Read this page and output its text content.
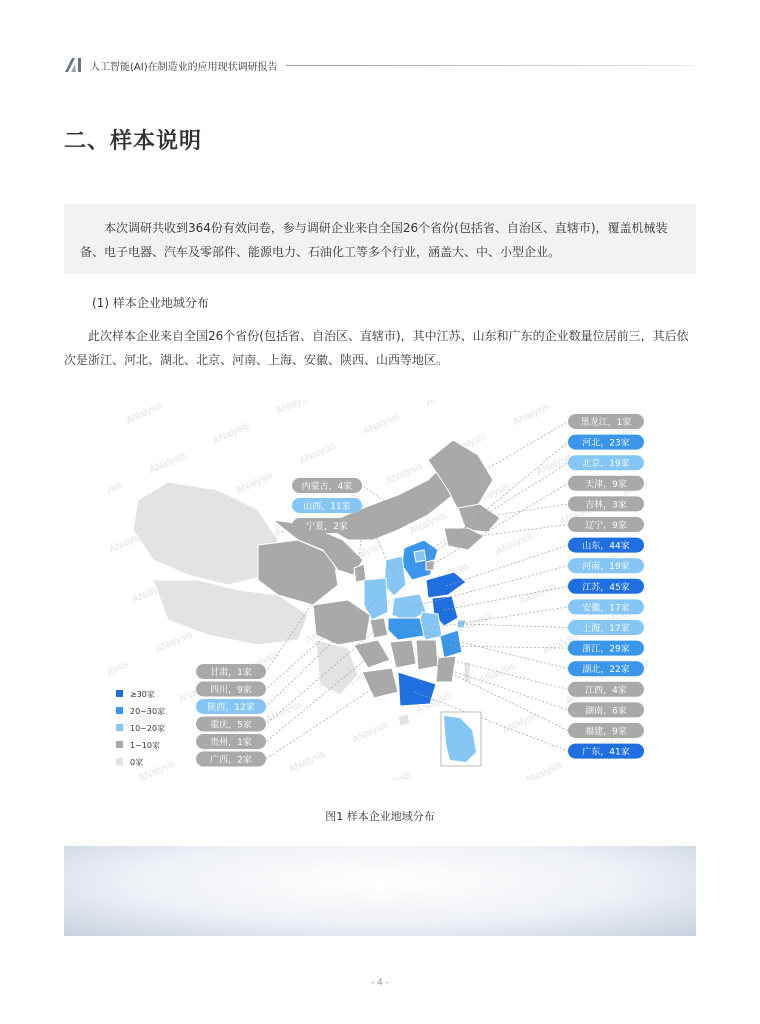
人工智能(AI)在制造业的应用现状调研报告
二、样本说明

本次调研共收到364份有效问卷，参与调研企业来自全国26个省份(包括省、自治区、直辖市)，覆盖机械装备、电子电器、汽车及零部件、能源电力、石油化工等多个行业，涵盖大、中、小型企业。

(1) 样本企业地域分布

此次样本企业来自全国26个省份(包括省、自治区、直辖市)，其中江苏、山东和广东的企业数量位居前三，其后依次是浙江、河北、湖北、北京、河南、上海、安徽、陕西、山西等地区。

黑龙江，1家
河北，23家
北京，19家
天津，9家
吉林，3家
辽宁，9家
山东，44家
河南，19家
江苏，45家
安徽，17家
上海，17家
浙江，29家
湖北，22家
江西，4家
湖南，6家
福建，9家
广东，41家
内蒙古，4家
山西，11家
宁夏，2家
甘肃，1家
四川，9家
陕西，12家
重庆，5家
贵州，1家
广西，2家
≥30家
20~30家
10~20家
1~10家
0家
图1 样本企业地域分布
- 4 -
